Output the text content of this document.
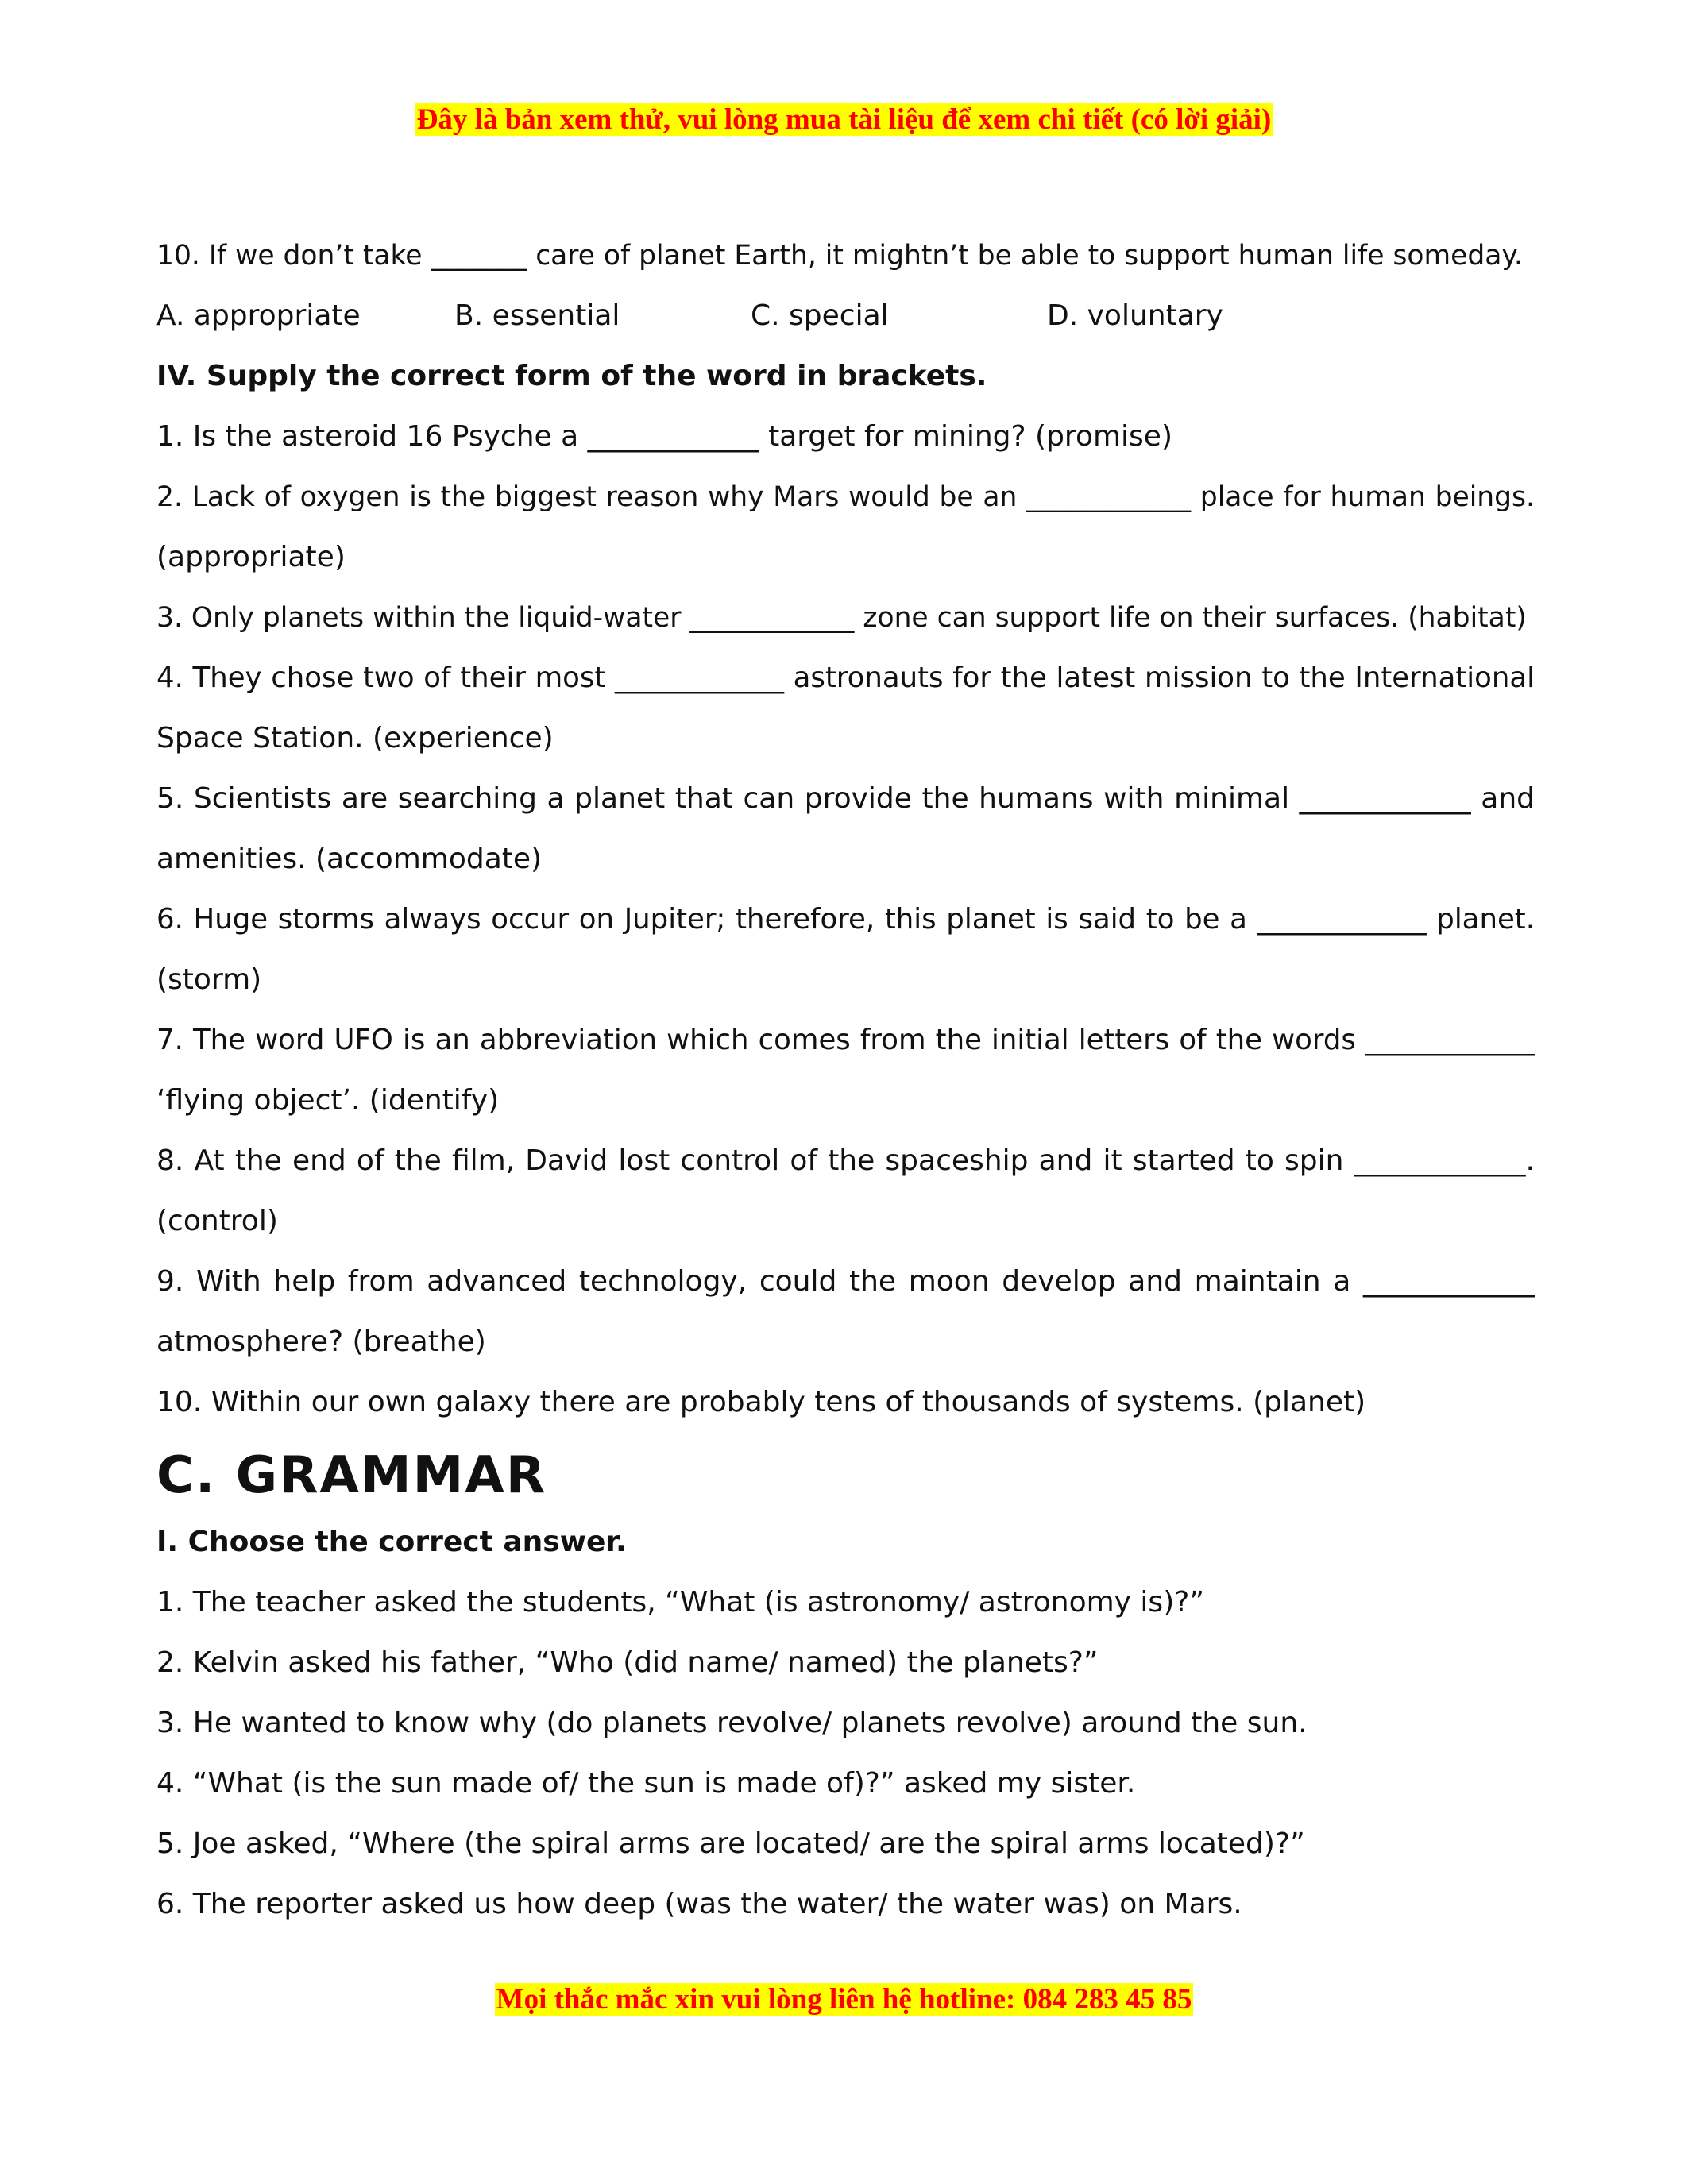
Đây là bản xem thử, vui lòng mua tài liệu để xem chi tiết (có lời giải)
10. If we don’t take _______ care of planet Earth, it mightn’t be able to support human life someday.
A. appropriate	B. essential	C. special	D. voluntary
IV. Supply the correct form of the word in brackets.
1. Is the asteroid 16 Psyche a ____________ target for mining? (promise)
2. Lack of oxygen is the biggest reason why Mars would be an ____________ place for human beings.
(appropriate)
3. Only planets within the liquid-water ____________ zone can support life on their surfaces. (habitat)
4. They chose two of their most ____________ astronauts for the latest mission to the International
Space Station. (experience)
5. Scientists are searching a planet that can provide the humans with minimal ____________ and
amenities. (accommodate)
6. Huge storms always occur on Jupiter; therefore, this planet is said to be a ____________ planet.
(storm)
7. The word UFO is an abbreviation which comes from the initial letters of the words ____________
‘flying object’. (identify)
8. At the end of the film, David lost control of the spaceship and it started to spin ____________.
(control)
9. With help from advanced technology, could the moon develop and maintain a ____________
atmosphere? (breathe)
10. Within our own galaxy there are probably tens of thousands of systems. (planet)
C. GRAMMAR
I. Choose the correct answer.
1. The teacher asked the students, “What (is astronomy/ astronomy is)?”
2. Kelvin asked his father, “Who (did name/ named) the planets?”
3. He wanted to know why (do planets revolve/ planets revolve) around the sun.
4. “What (is the sun made of/ the sun is made of)?” asked my sister.
5. Joe asked, “Where (the spiral arms are located/ are the spiral arms located)?”
6. The reporter asked us how deep (was the water/ the water was) on Mars.
Mọi thắc mắc xin vui lòng liên hệ hotline: 084 283 45 85
